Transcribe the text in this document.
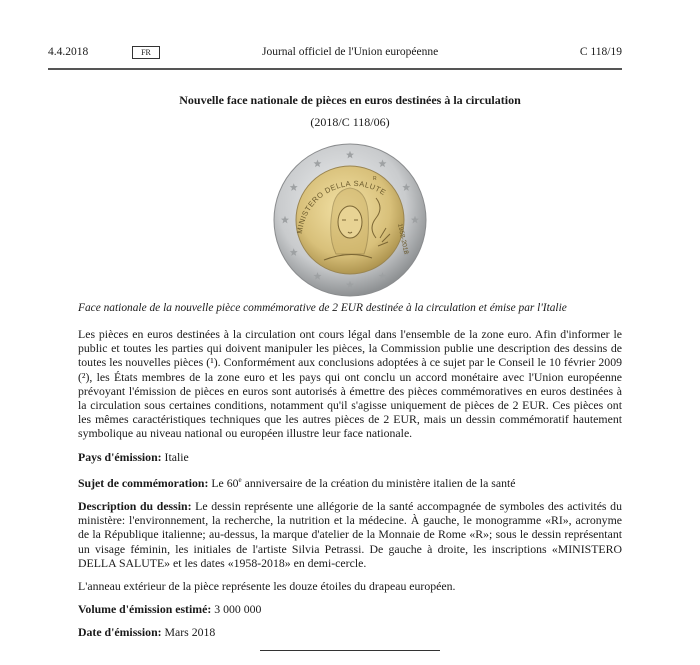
4.4.2018	FR	Journal officiel de l'Union européenne	C 118/19
Nouvelle face nationale de pièces en euros destinées à la circulation
(2018/C 118/06)
MINISTERO DELLA SALUTE
1958-2018
R
Face nationale de la nouvelle pièce commémorative de 2 EUR destinée à la circulation et émise par l'Italie

Les pièces en euros destinées à la circulation ont cours légal dans l'ensemble de la zone euro. Afin d'informer le public et toutes les parties qui doivent manipuler les pièces, la Commission publie une description des dessins de toutes les nouvelles pièces (¹). Conformément aux conclusions adoptées à ce sujet par le Conseil le 10 février 2009 (²), les États membres de la zone euro et les pays qui ont conclu un accord monétaire avec l'Union européenne prévoyant l'émission de pièces en euros sont autorisés à émettre des pièces commémoratives en euros destinées à la circulation sous certaines conditions, notamment qu'il s'agisse uniquement de pièces de 2 EUR. Ces pièces ont les mêmes caractéristiques techniques que les autres pièces de 2 EUR, mais un dessin commémoratif hautement symbolique au niveau national ou européen illustre leur face nationale.

Pays d'émission: Italie

Sujet de commémoration: Le 60e anniversaire de la création du ministère italien de la santé

Description du dessin: Le dessin représente une allégorie de la santé accompagnée de symboles des activités du ministère: l'environnement, la recherche, la nutrition et la médecine. À gauche, le monogramme «RI», acronyme de la République italienne; au-dessus, la marque d'atelier de la Monnaie de Rome «R»; sous le dessin représentant un visage féminin, les initiales de l'artiste Silvia Petrassi. De gauche à droite, les inscriptions «MINISTERO DELLA SALUTE» et les dates «1958-2018» en demi-cercle.

L'anneau extérieur de la pièce représente les douze étoiles du drapeau européen.

Volume d'émission estimé: 3 000 000

Date d'émission: Mars 2018
